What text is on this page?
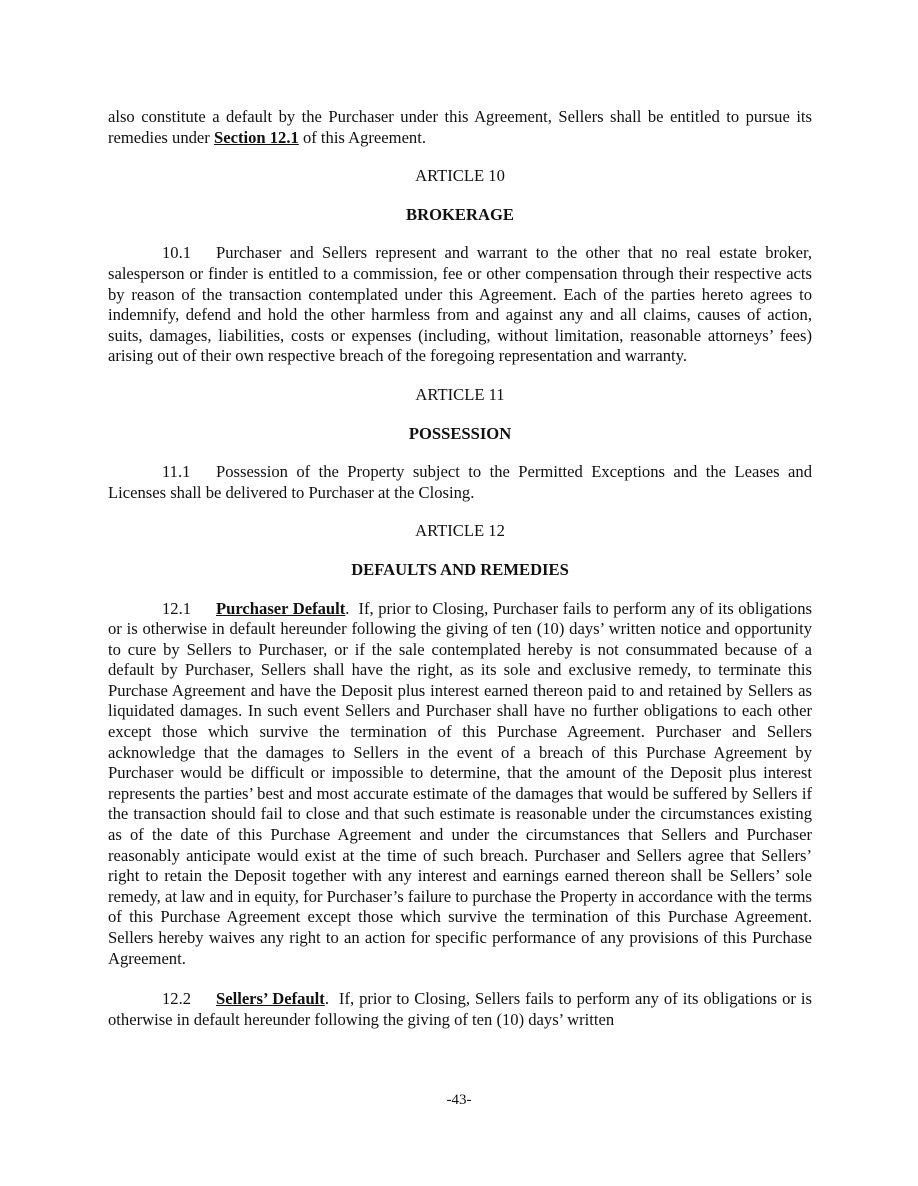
also constitute a default by the Purchaser under this Agreement, Sellers shall be entitled to pursue its remedies under Section 12.1 of this Agreement.

ARTICLE 10
BROKERAGE

10.1 Purchaser and Sellers represent and warrant to the other that no real estate broker, salesperson or finder is entitled to a commission, fee or other compensation through their respective acts by reason of the transaction contemplated under this Agreement. Each of the parties hereto agrees to indemnify, defend and hold the other harmless from and against any and all claims, causes of action, suits, damages, liabilities, costs or expenses (including, without limitation, reasonable attorneys’ fees) arising out of their own respective breach of the foregoing representation and warranty.

ARTICLE 11
POSSESSION

11.1 Possession of the Property subject to the Permitted Exceptions and the Leases and Licenses shall be delivered to Purchaser at the Closing.

ARTICLE 12
DEFAULTS AND REMEDIES

12.1 Purchaser Default.  If, prior to Closing, Purchaser fails to perform any of its obligations or is otherwise in default hereunder following the giving of ten (10) days’ written notice and opportunity to cure by Sellers to Purchaser, or if the sale contemplated hereby is not consummated because of a default by Purchaser, Sellers shall have the right, as its sole and exclusive remedy, to terminate this Purchase Agreement and have the Deposit plus interest earned thereon paid to and retained by Sellers as liquidated damages. In such event Sellers and Purchaser shall have no further obligations to each other except those which survive the termination of this Purchase Agreement. Purchaser and Sellers acknowledge that the damages to Sellers in the event of a breach of this Purchase Agreement by Purchaser would be difficult or impossible to determine, that the amount of the Deposit plus interest represents the parties’ best and most accurate estimate of the damages that would be suffered by Sellers if the transaction should fail to close and that such estimate is reasonable under the circumstances existing as of the date of this Purchase Agreement and under the circumstances that Sellers and Purchaser reasonably anticipate would exist at the time of such breach. Purchaser and Sellers agree that Sellers’ right to retain the Deposit together with any interest and earnings earned thereon shall be Sellers’ sole remedy, at law and in equity, for Purchaser’s failure to purchase the Property in accordance with the terms of this Purchase Agreement except those which survive the termination of this Purchase Agreement. Sellers hereby waives any right to an action for specific performance of any provisions of this Purchase Agreement.

12.2 Sellers’ Default.  If, prior to Closing, Sellers fails to perform any of its obligations or is otherwise in default hereunder following the giving of ten (10) days’ written

-43-
